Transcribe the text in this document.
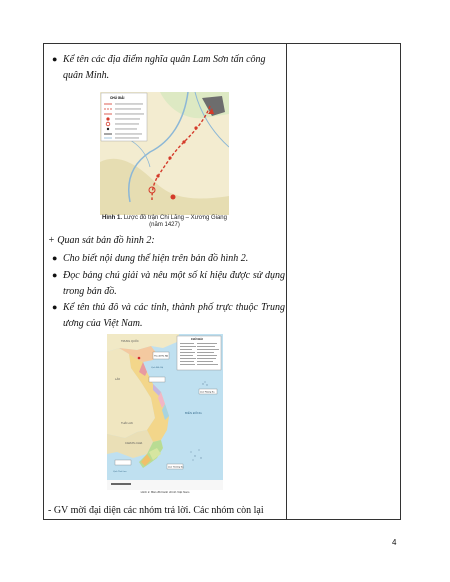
● Kể tên các địa điểm nghĩa quân Lam Sơn tấn công quân Minh.
CHÚ GIẢI
Hình 1. Lược đồ trận Chi Lăng – Xương Giang (năm 1427)
+ Quan sát bản đồ hình 2:
● Cho biết nội dung thể hiện trên bản đồ hình 2.
● Đọc bảng chú giải và nêu một số kí hiệu được sử dụng trong bản đồ.
● Kể tên thủ đô và các tỉnh, thành phố trực thuộc Trung ương của Việt Nam.
CHÚ GIẢI
Thủ đô Hà Nội
TRUNG QUỐC
LÀO
THÁI LAN
CAM-PU-CHIA
BIỂN ĐÔNG
Vịnh Bắc Bộ
Vịnh Thái Lan
Q.đ. Hoàng Sa
Q.đ. Trường Sa
Hình 2. Bản đồ hành chính Việt Nam
- GV mời đại diện các nhóm trả lời. Các nhóm còn lại
4
